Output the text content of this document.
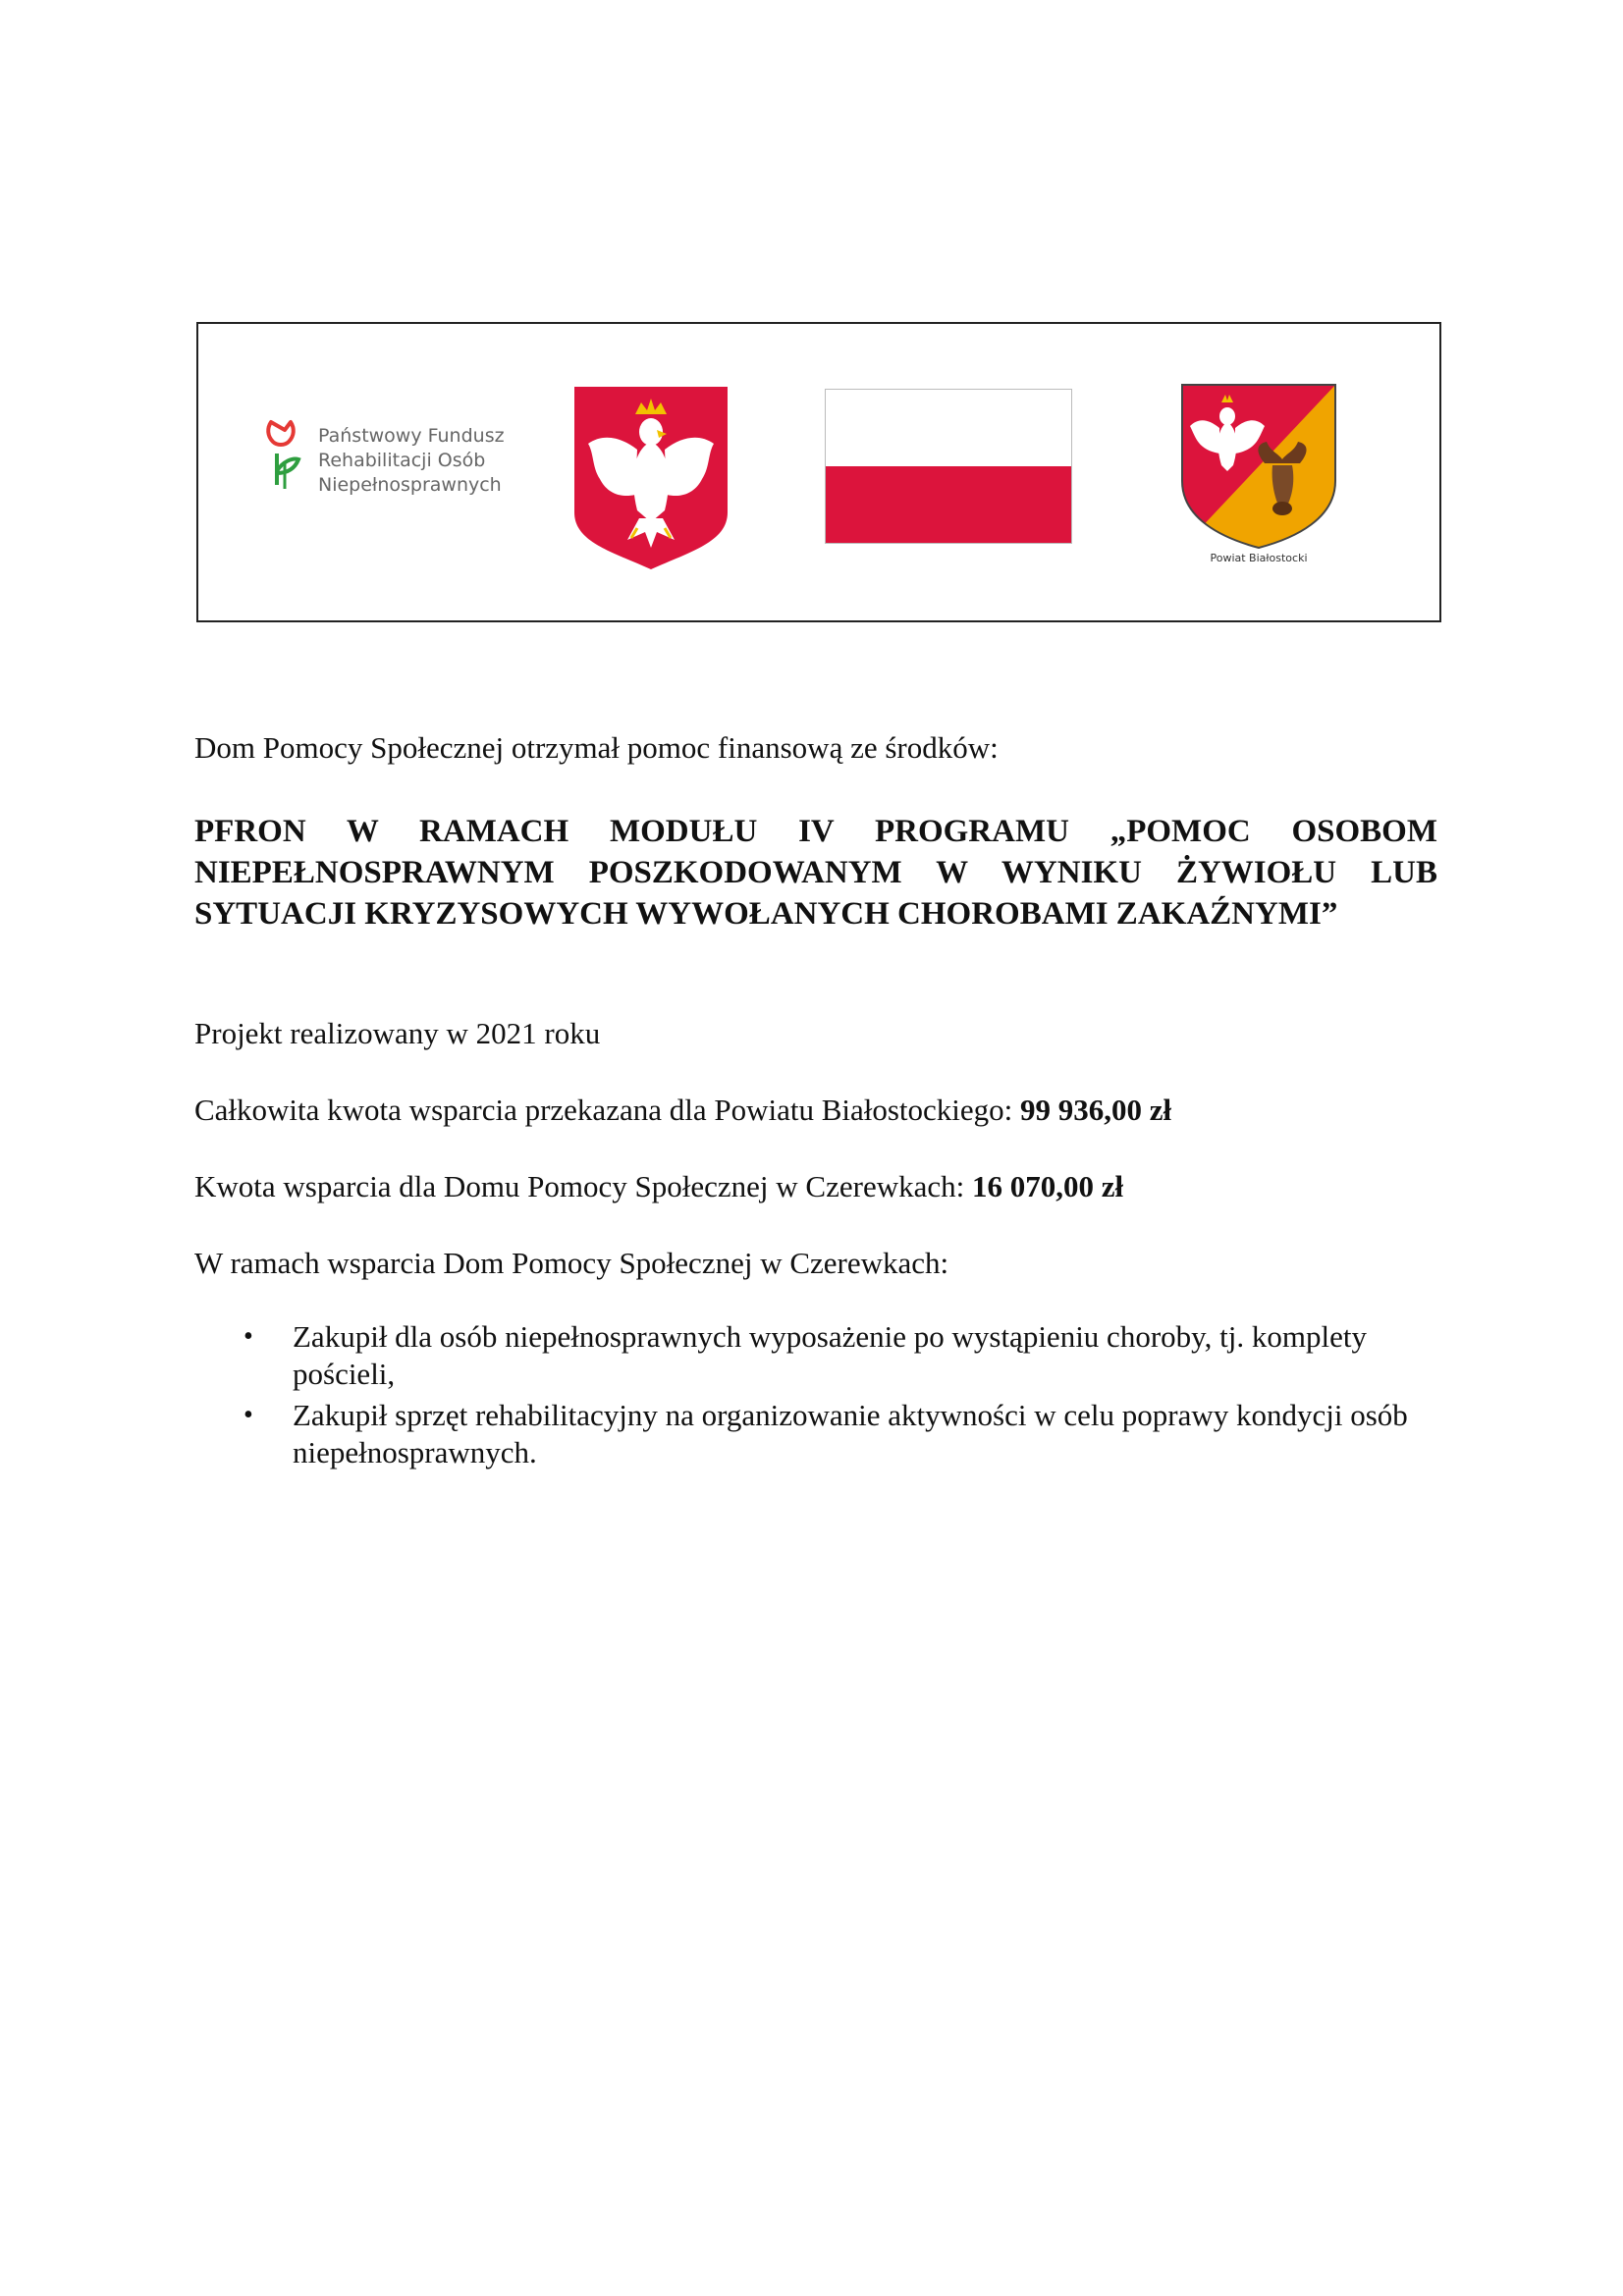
Państwowy Fundusz
Rehabilitacji Osób
Niepełnosprawnych
Powiat Białostocki
Dom Pomocy Społecznej otrzymał pomoc finansową ze środków:
PFRON W RAMACH MODUŁU IV PROGRAMU „POMOC OSOBOM NIEPEŁNOSPRAWNYM POSZKODOWANYM W WYNIKU ŻYWIOŁU LUB SYTUACJI KRYZYSOWYCH WYWOŁANYCH CHOROBAMI ZAKAŹNYMI”
Projekt realizowany w 2021 roku
Całkowita kwota wsparcia przekazana dla Powiatu Białostockiego: 99 936,00 zł
Kwota wsparcia dla Domu Pomocy Społecznej w Czerewkach: 16 070,00 zł
W ramach wsparcia Dom Pomocy Społecznej w Czerewkach:
• Zakupił dla osób niepełnosprawnych wyposażenie po wystąpieniu choroby, tj. komplety pościeli,
• Zakupił sprzęt rehabilitacyjny na organizowanie aktywności w celu poprawy kondycji osób niepełnosprawnych.
